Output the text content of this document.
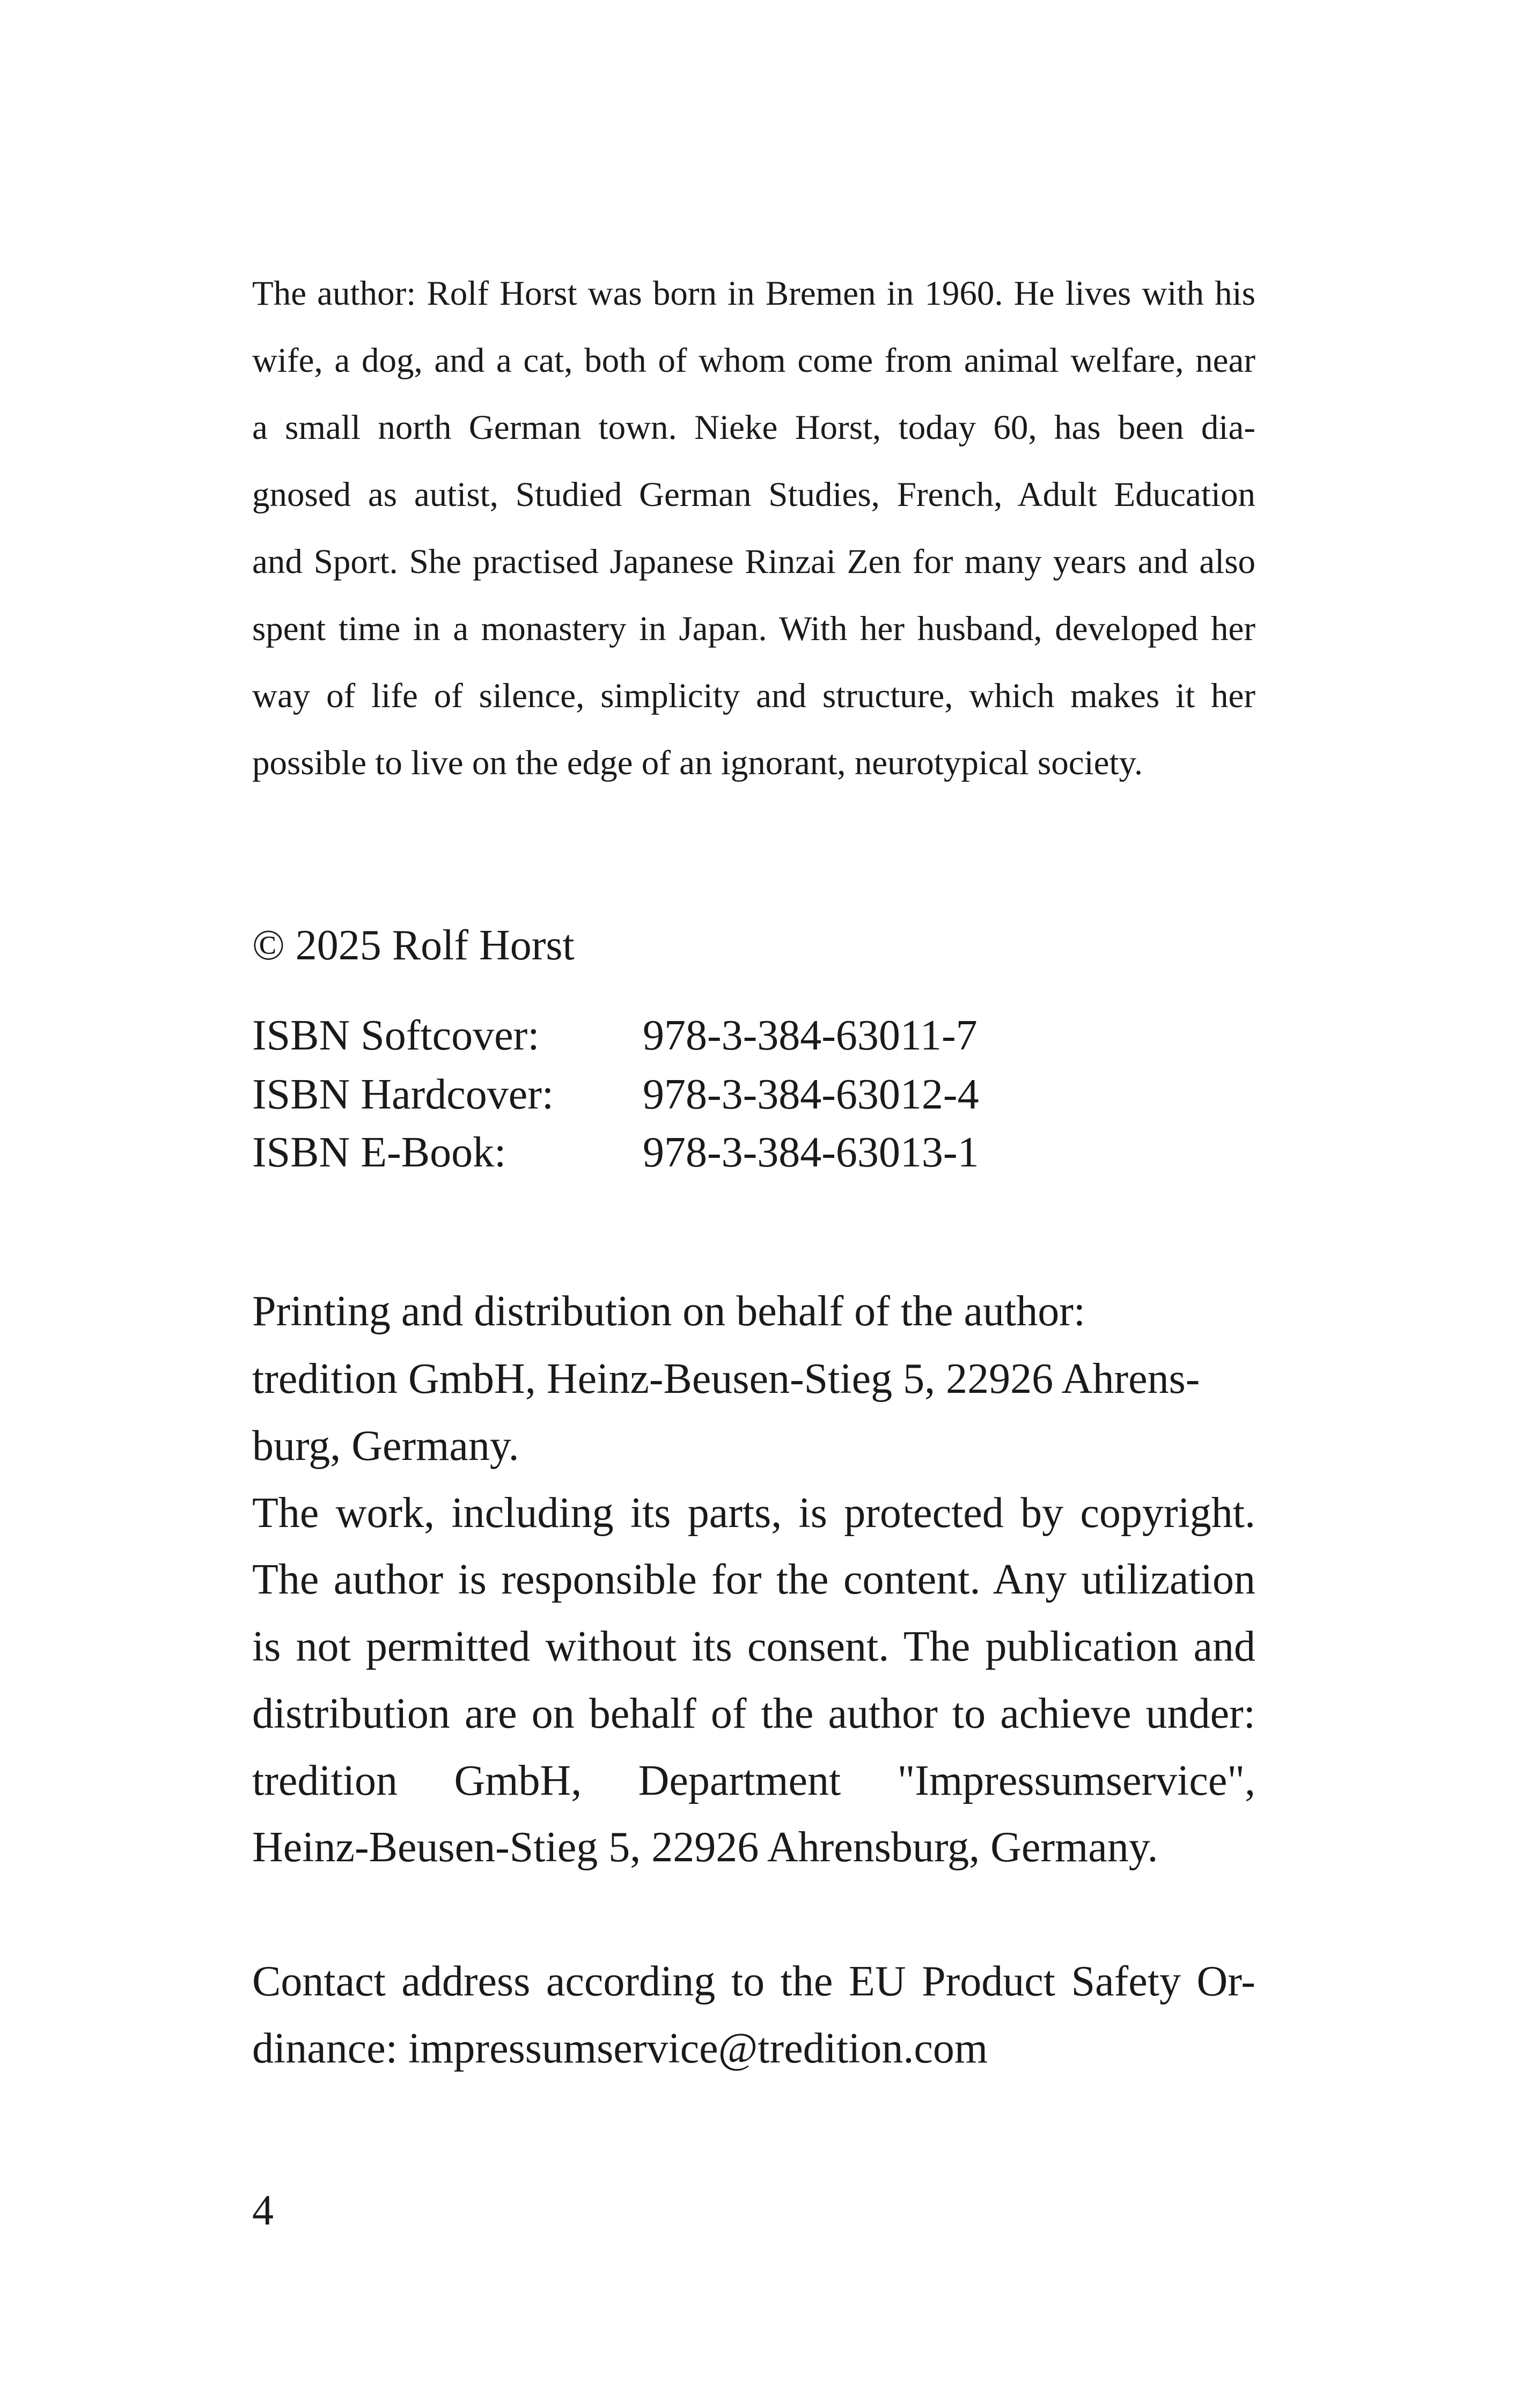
The author: Rolf Horst was born in Bremen in 1960. He lives with his
wife, a dog, and a cat, both of whom come from animal welfare, near
a small north German town. Nieke Horst, today 60, has been dia-
gnosed as autist, Studied German Studies, French, Adult Education
and Sport. She practised Japanese Rinzai Zen for many years and also
spent time in a monastery in Japan. With her husband, developed her
way of life of silence, simplicity and structure, which makes it her
possible to live on the edge of an ignorant, neurotypical society.
© 2025 Rolf Horst
ISBN Softcover: 978-3-384-63011-7
ISBN Hardcover: 978-3-384-63012-4
ISBN E-Book:	978-3-384-63013-1
Printing and distribution on behalf of the author:
tredition GmbH, Heinz-Beusen-Stieg 5, 22926 Ahrens-
burg, Germany.
The work, including its parts, is protected by copyright.
The author is responsible for the content. Any utilization
is not permitted without its consent. The publication and
distribution are on behalf of the author to achieve under:
tredition GmbH, Department "Impressumservice",
Heinz-Beusen-Stieg 5, 22926 Ahrensburg, Germany.
Contact address according to the EU Product Safety Or-
dinance: impressumservice@tredition.com
4
